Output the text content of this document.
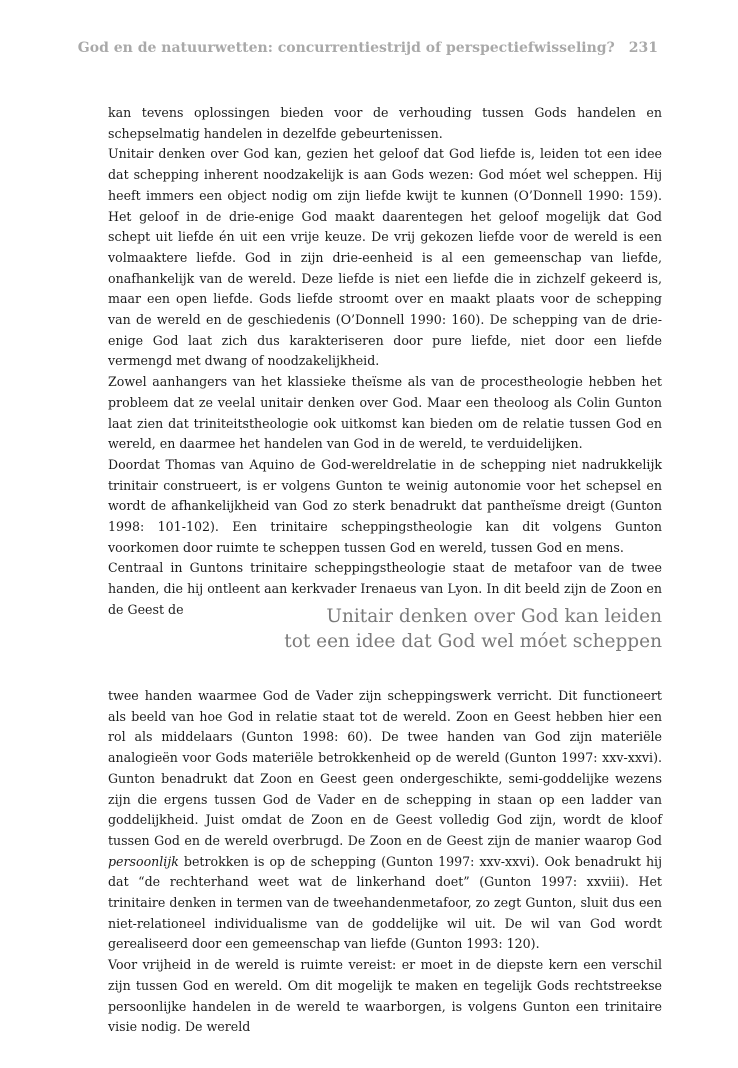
God en de natuurwetten: concurrentiestrijd of perspectiefwisseling? 231

kan tevens oplossingen bieden voor de verhouding tussen Gods handelen en schepselmatig handelen in dezelfde gebeurtenissen.

Unitair denken over God kan, gezien het geloof dat God liefde is, leiden tot een idee dat schepping inherent noodzakelijk is aan Gods wezen: God móet wel scheppen. Hij heeft immers een object nodig om zijn liefde kwijt te kunnen (O’Donnell 1990: 159). Het geloof in de drie-enige God maakt daarentegen het geloof mogelijk dat God schept uit liefde én uit een vrije keuze. De vrij gekozen liefde voor de wereld is een volmaaktere liefde. God in zijn drie-eenheid is al een gemeenschap van liefde, onafhankelijk van de wereld. Deze liefde is niet een liefde die in zichzelf gekeerd is, maar een open liefde. Gods liefde stroomt over en maakt plaats voor de schepping van de wereld en de geschiedenis (O’Donnell 1990: 160). De schepping van de drieenige God laat zich dus karakteriseren door pure liefde, niet door een liefde vermengd met dwang of noodzakelijkheid.

Zowel aanhangers van het klassieke theïsme als van de procestheologie hebben het probleem dat ze veelal unitair denken over God. Maar een theoloog als Colin Gunton laat zien dat triniteitstheologie ook uitkomst kan bieden om de relatie tussen God en wereld, en daarmee het handelen van God in de wereld, te verduidelijken.

Doordat Thomas van Aquino de God-wereldrelatie in de schepping niet nadrukkelijk trinitair construeert, is er volgens Gunton te weinig autonomie voor het schepsel en wordt de afhankelijkheid van God zo sterk benadrukt dat pantheïsme dreigt (Gunton 1998: 101-102). Een trinitaire scheppingstheologie kan dit volgens Gunton voorkomen door ruimte te scheppen tussen God en wereld, tussen God en mens.

Centraal in Guntons trinitaire scheppingstheologie staat de metafoor van de twee handen, die hij ontleent aan kerkvader Irenaeus van Lyon. In dit beeld zijn de Zoon en de Geest de	Unitair denken over God kan leiden
tot een idee dat God wel móet scheppen

twee handen waarmee God de Vader zijn scheppingswerk verricht. Dit functioneert als beeld van hoe God in relatie staat tot de wereld. Zoon en Geest hebben hier een rol als middelaars (Gunton 1998: 60). De twee handen van God zijn materiële analogieën voor Gods materiële betrokkenheid op de wereld (Gunton 1997: xxv-xxvi). Gunton benadrukt dat Zoon en Geest geen ondergeschikte, semi-goddelijke wezens zijn die ergens tussen God de Vader en de schepping in staan op een ladder van goddelijkheid. Juist omdat de Zoon en de Geest volledig God zijn, wordt de kloof tussen God en de wereld overbrugd. De Zoon en de Geest zijn de manier waarop God persoonlijk betrokken is op de schepping (Gunton 1997: xxv-xxvi). Ook benadrukt hij dat “de rechterhand weet wat de linkerhand doet” (Gunton 1997: xxviii). Het trinitaire denken in termen van de tweehandenmetafoor, zo zegt Gunton, sluit dus een niet-relationeel individualisme van de goddelijke wil uit. De wil van God wordt gerealiseerd door een gemeenschap van liefde (Gunton 1993: 120).

Voor vrijheid in de wereld is ruimte vereist: er moet in de diepste kern een verschil zijn tussen God en wereld. Om dit mogelijk te maken en tegelijk Gods rechtstreekse persoonlijke handelen in de wereld te waarborgen, is volgens Gunton een trinitaire visie nodig. De wereld
